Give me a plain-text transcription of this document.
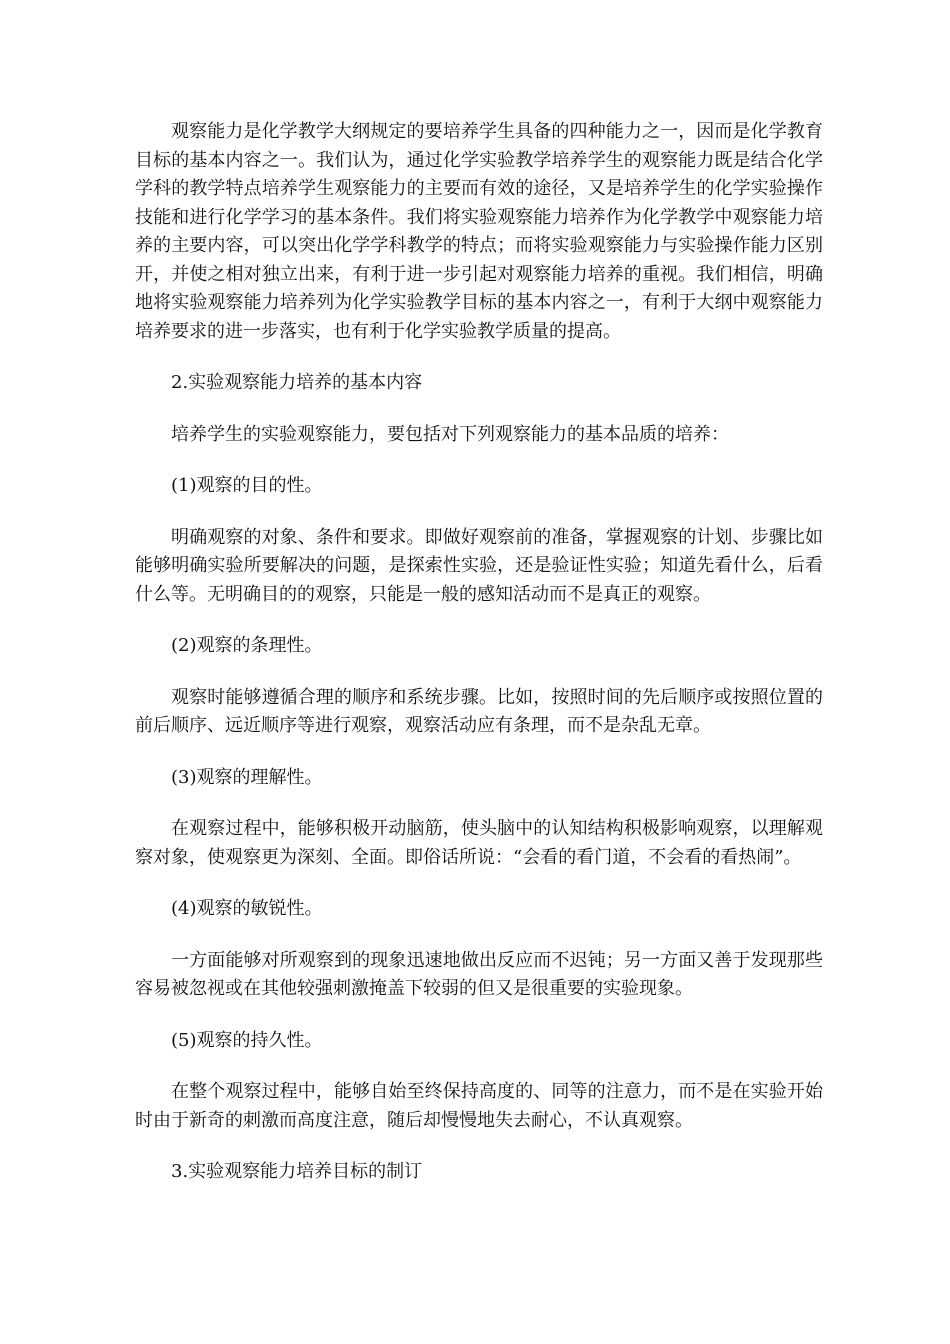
观察能力是化学教学大纲规定的要培养学生具备的四种能力之一，因而是化学教育目标的基本内容之一。我们认为，通过化学实验教学培养学生的观察能力既是结合化学学科的教学特点培养学生观察能力的主要而有效的途径，又是培养学生的化学实验操作技能和进行化学学习的基本条件。我们将实验观察能力培养作为化学教学中观察能力培养的主要内容，可以突出化学学科教学的特点；而将实验观察能力与实验操作能力区别开，并使之相对独立出来，有利于进一步引起对观察能力培养的重视。我们相信，明确地将实验观察能力培养列为化学实验教学目标的基本内容之一，有利于大纲中观察能力培养要求的进一步落实，也有利于化学实验教学质量的提高。

2.实验观察能力培养的基本内容

培养学生的实验观察能力，要包括对下列观察能力的基本品质的培养：

(1)观察的目的性。

明确观察的对象、条件和要求。即做好观察前的准备，掌握观察的计划、步骤比如能够明确实验所要解决的问题，是探索性实验，还是验证性实验；知道先看什么，后看什么等。无明确目的的观察，只能是一般的感知活动而不是真正的观察。

(2)观察的条理性。

观察时能够遵循合理的顺序和系统步骤。比如，按照时间的先后顺序或按照位置的前后顺序、远近顺序等进行观察，观察活动应有条理，而不是杂乱无章。

(3)观察的理解性。

在观察过程中，能够积极开动脑筋，使头脑中的认知结构积极影响观察，以理解观察对象，使观察更为深刻、全面。即俗话所说：“会看的看门道，不会看的看热闹”。

(4)观察的敏锐性。

一方面能够对所观察到的现象迅速地做出反应而不迟钝；另一方面又善于发现那些容易被忽视或在其他较强刺激掩盖下较弱的但又是很重要的实验现象。

(5)观察的持久性。

在整个观察过程中，能够自始至终保持高度的、同等的注意力，而不是在实验开始时由于新奇的刺激而高度注意，随后却慢慢地失去耐心，不认真观察。

3.实验观察能力培养目标的制订
